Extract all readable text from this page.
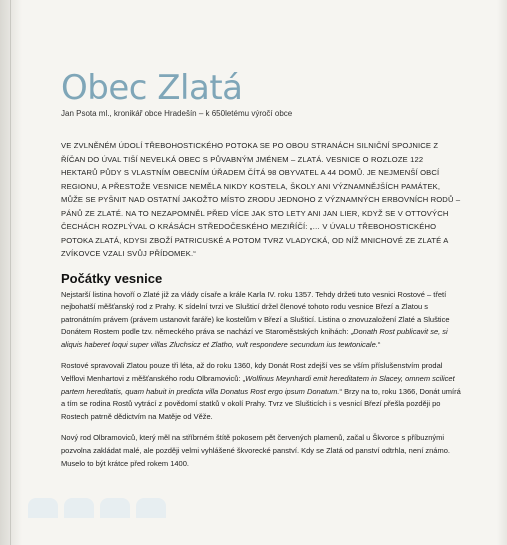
Obec Zlatá

Jan Psota ml., kronikář obce Hradešín – k 650letému výročí obce

VE ZVLNĚNÉM ÚDOLÍ TŘEBOHOSTICKÉHO POTOKA SE PO OBOU STRANÁCH SILNIČNÍ SPOJNICE Z ŘÍČAN DO ÚVAL TIŠÍ NEVELKÁ OBEC S PŮVABNÝM JMÉNEM – ZLATÁ. VESNICE O ROZLOZE 122 HEKTARŮ PŮDY S VLASTNÍM OBECNÍM ÚŘADEM ČÍTÁ 98 OBYVATEL A 44 DOMŮ. JE NEJMENŠÍ OBCÍ REGIONU, A PŘESTOŽE VESNICE NEMĚLA NIKDY KOSTELA, ŠKOLY ANI VÝZNAMNĚJŠÍCH PAMÁTEK, MŮŽE SE PYŠNIT NAD OSTATNÍ JAKOŽTO MÍSTO ZRODU JEDNOHO Z VÝZNAMNÝCH ERBOVNÍCH RODŮ – PÁNŮ ZE ZLATÉ. NA TO NEZAPOMNĚL PŘED VÍCE JAK STO LETY ANI JAN LIER, KDYŽ SE V OTTOVÝCH ČECHÁCH ROZPLÝVAL O KRÁSÁCH STŘEDOČESKÉHO MEZIŘÍČÍ: „… V ÚVALU TŘEBOHOSTICKÉHO POTOKA ZLATÁ, KDYSI ZBOŽÍ PATRICUSKÉ A POTOM TVRZ VLADYCKÁ, OD NÍŽ MNICHOVÉ ZE ZLATÉ A ZVÍKOVCE VZALI SVŮJ PŘÍDOMEK.“

Počátky vesnice

Nejstarší listina hovoří o Zlaté již za vlády císaře a krále Karla IV. roku 1357. Tehdy držeti tuto vesnici Rostové – třetí nejbohatší měšťanský rod z Prahy. K sídelní tvrzi ve Slušticí držel členové tohoto rodu vesnice Březí a Zlatou s patronátním právem (právem ustanovit faráře) ke kostelům v Březí a Slušticí. Listina o znovuzaložení Zlaté a Sluštice Donátem Rostem podle tzv. německého práva se nachází ve Staroměstských knihách: „Donath Rost publicavit se, si aliquis haberet loqui super villas Zluchsicz et Zlatho, vult respondere secundum ius tewtonicale.“

Rostové spravovali Zlatou pouze tři léta, až do roku 1360, kdy Donát Rost zdejší ves se vším příslušenstvím prodal Velflovi Menhartovi z měšťanského rodu Olbramoviců: „Wolfinus Meynhardi emit hereditatem in Slacey, omnem scilicet partem hereditatis, quam habuit in predicta villa Donatus Rost ergo ipsum Donatum.“ Brzy na to, roku 1366, Donát umírá a tím se rodina Rostů vytrácí z povědomí statků v okolí Prahy. Tvrz ve Slušticích i s vesnicí Březí přešla později po Rostech patrně dědictvím na Matěje od Věže.

Nový rod Olbramoviců, který měl na stříbrném štítě pokosem pět červených plamenů, začal u Škvorce s příbuznými pozvolna zakládat malé, ale později velmi vyhlášené škvorecké panství. Kdy se Zlatá od panství odtrhla, není známo. Muselo to být krátce před rokem 1400.
